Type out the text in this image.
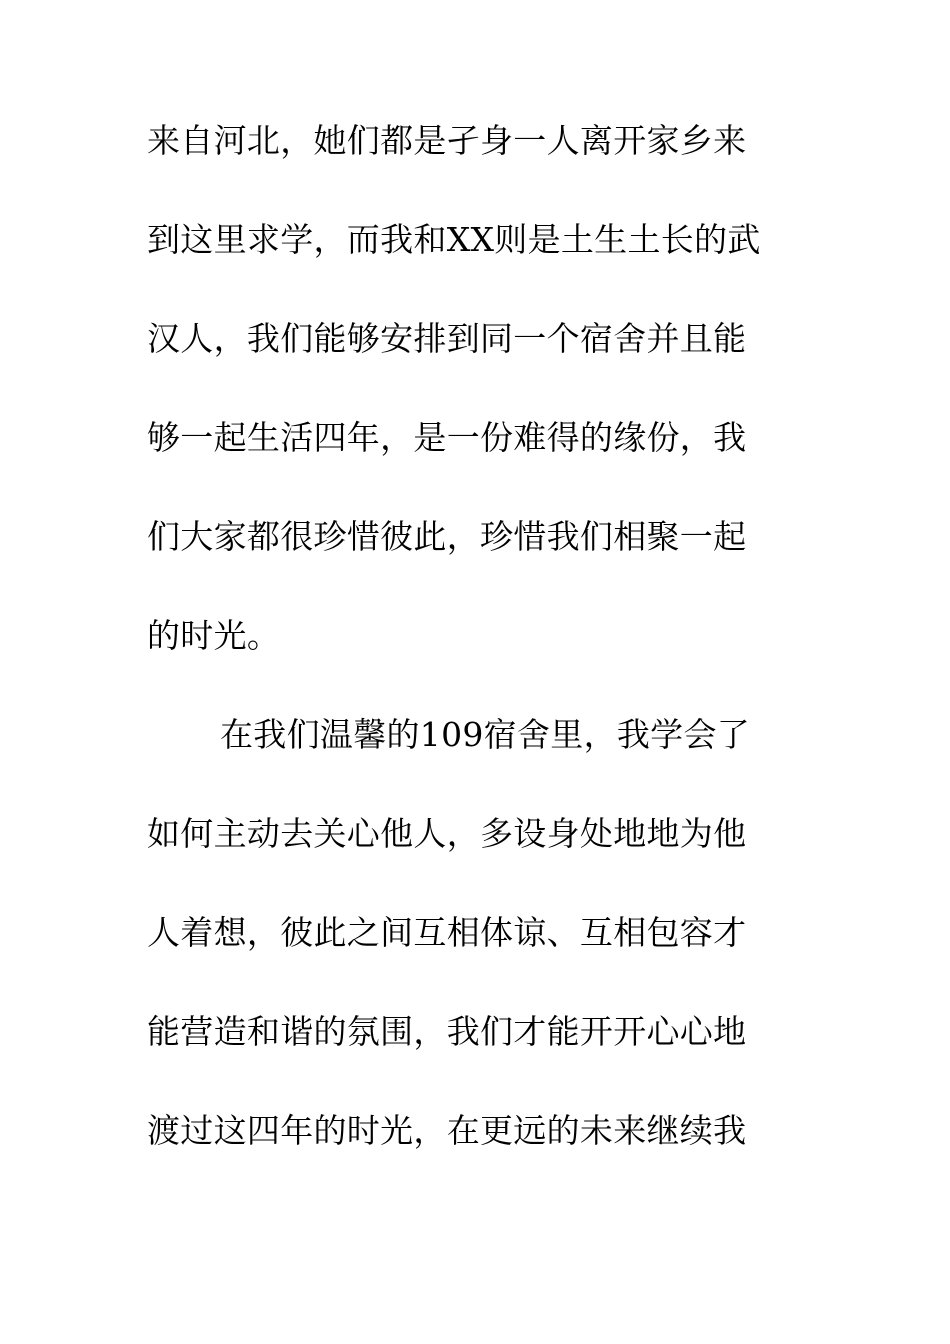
来自河北，她们都是孑身一人离开家乡来
到这里求学，而我和XX则是土生土长的武
汉人，我们能够安排到同一个宿舍并且能
够一起生活四年，是一份难得的缘份，我
们大家都很珍惜彼此，珍惜我们相聚一起
的时光。
在我们温馨的109宿舍里，我学会了
如何主动去关心他人，多设身处地地为他
人着想，彼此之间互相体谅、互相包容才
能营造和谐的氛围，我们才能开开心心地
渡过这四年的时光，在更远的未来继续我
